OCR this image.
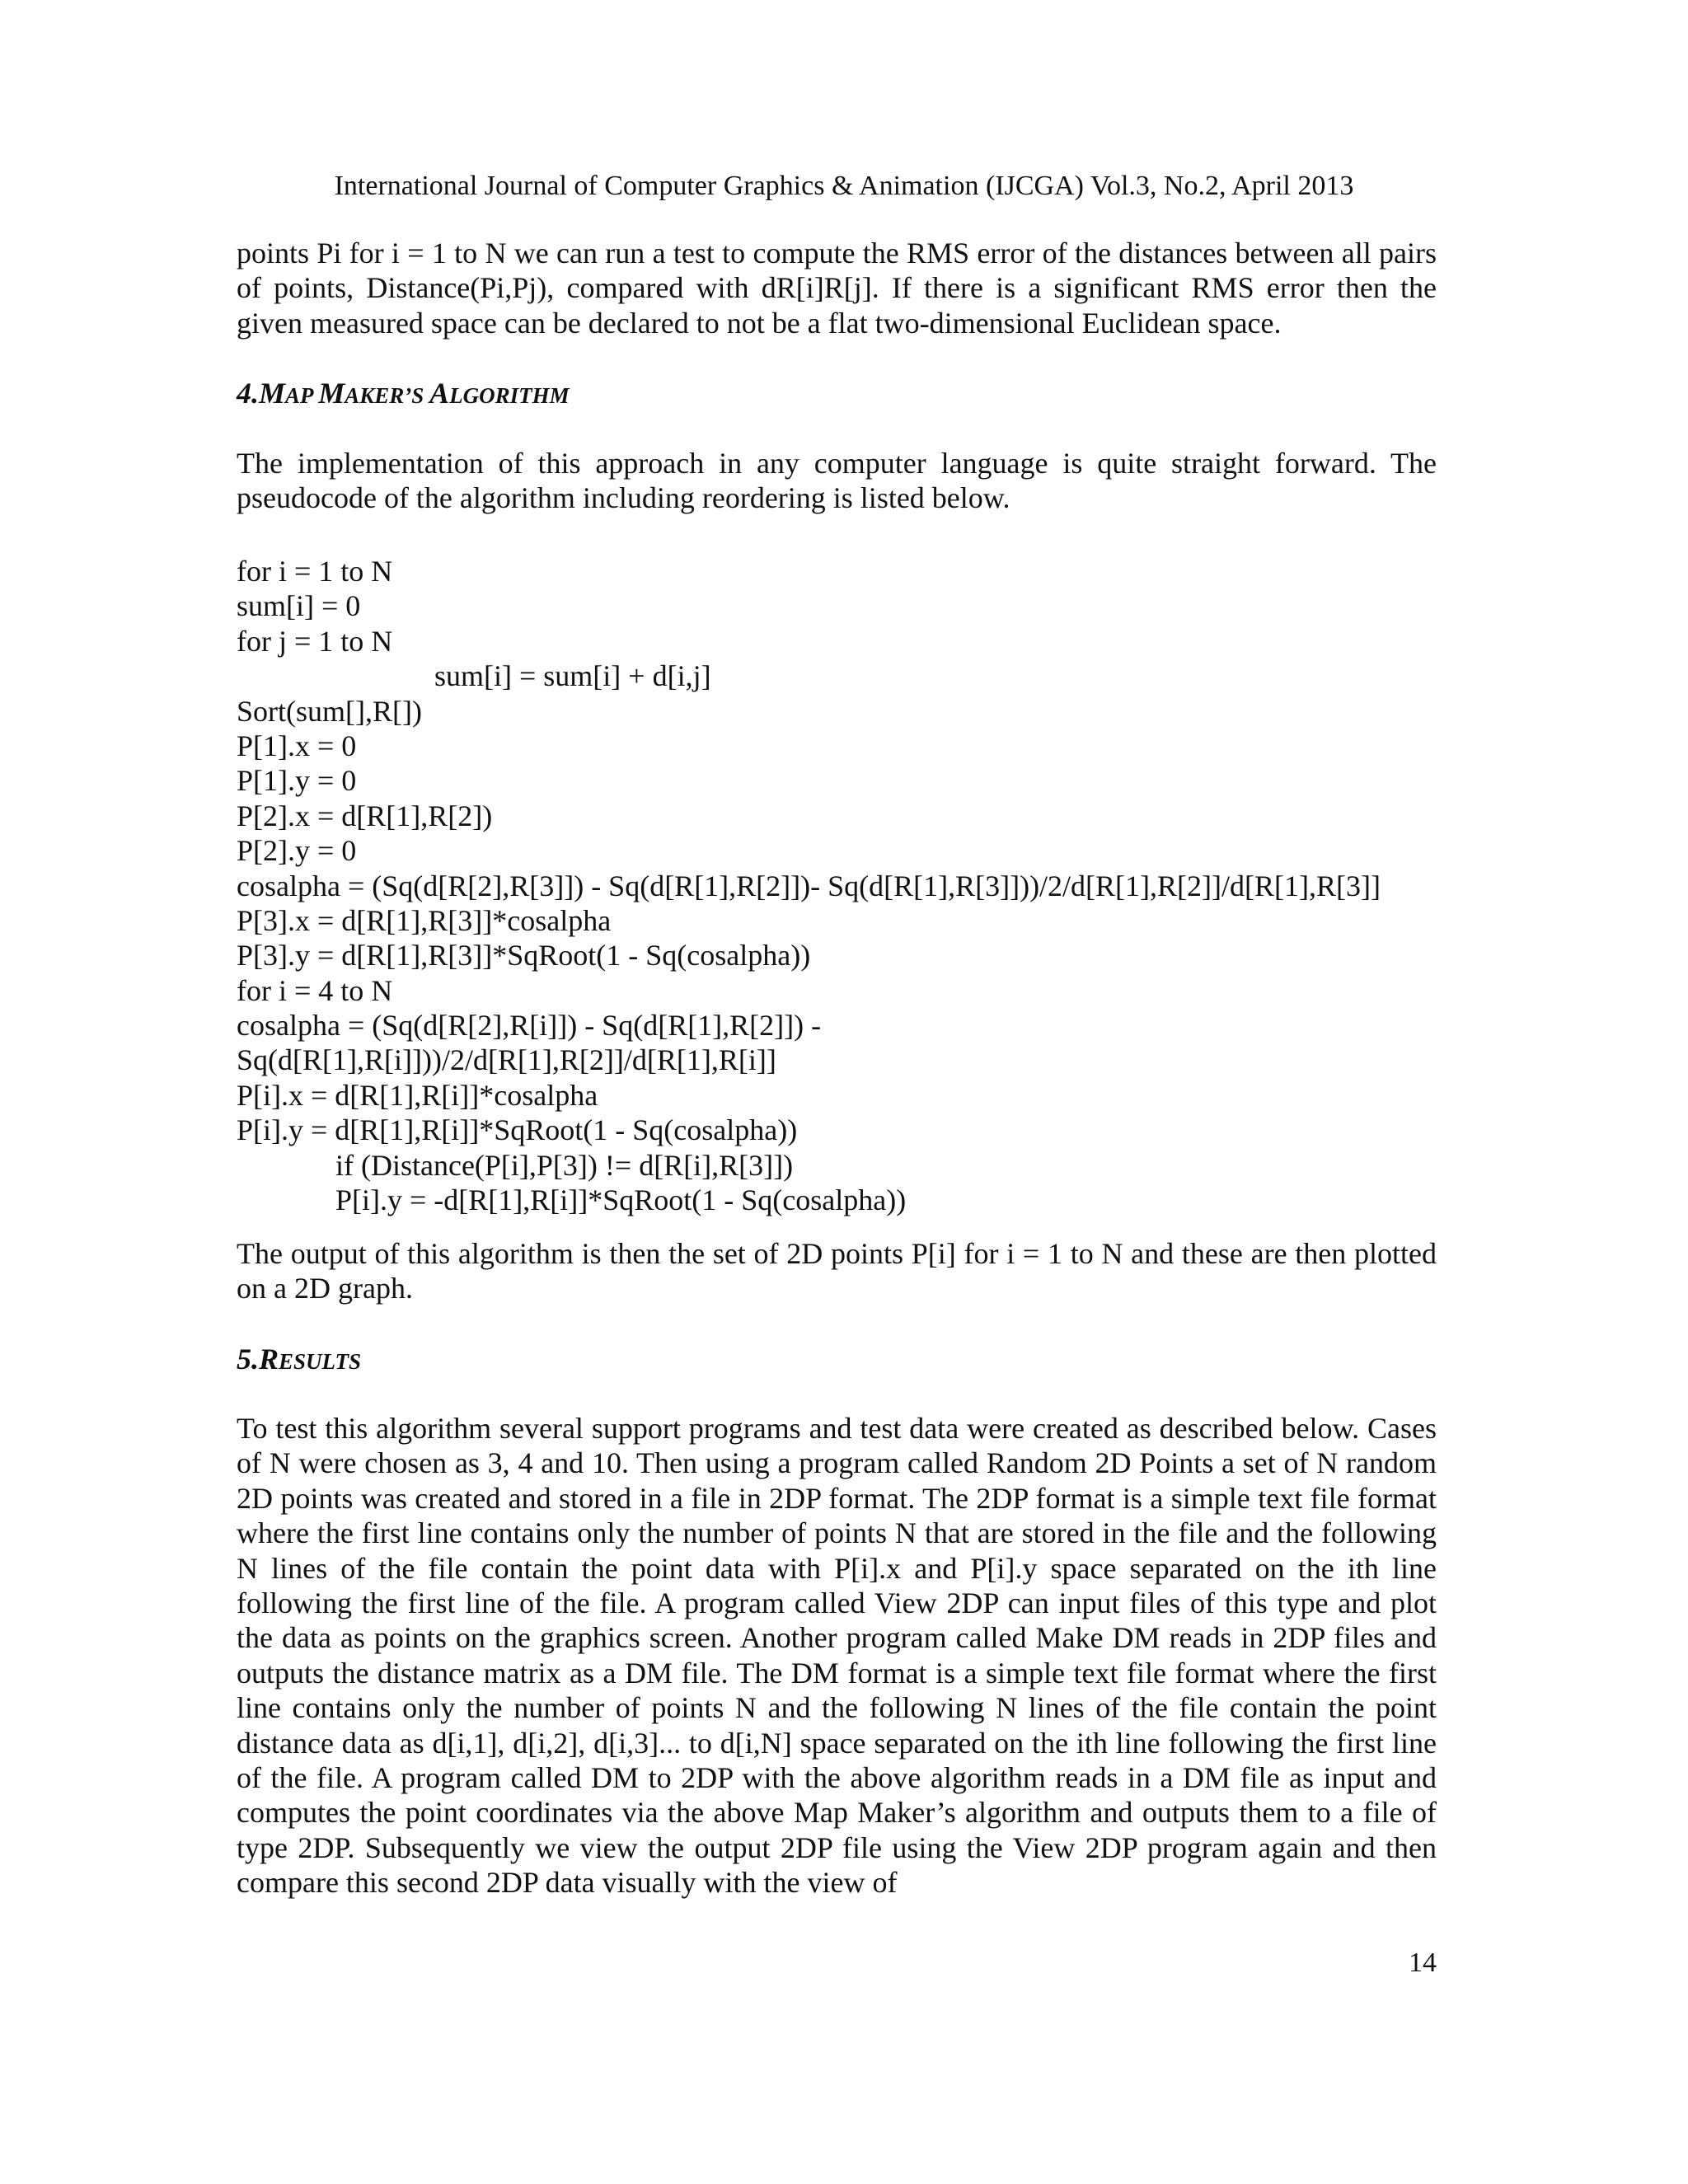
International Journal of Computer Graphics & Animation (IJCGA) Vol.3, No.2, April 2013

points Pi for i = 1 to N we can run a test to compute the RMS error of the distances between all pairs of points, Distance(Pi,Pj), compared with dR[i]R[j]. If there is a significant RMS error then the given measured space can be declared to not be a flat two-dimensional Euclidean space.

4.MAP MAKER’S ALGORITHM

The implementation of this approach in any computer language is quite straight forward. The pseudocode of the algorithm including reordering is listed below.

for i = 1 to N
sum[i] = 0
for j = 1 to N
sum[i] = sum[i] + d[i,j]
Sort(sum[],R[])
P[1].x = 0
P[1].y = 0
P[2].x = d[R[1],R[2])
P[2].y = 0
cosalpha = (Sq(d[R[2],R[3]]) - Sq(d[R[1],R[2]])- Sq(d[R[1],R[3]]))/2/d[R[1],R[2]]/d[R[1],R[3]]
P[3].x = d[R[1],R[3]]*cosalpha
P[3].y = d[R[1],R[3]]*SqRoot(1 - Sq(cosalpha))
for i = 4 to N
cosalpha = (Sq(d[R[2],R[i]]) - Sq(d[R[1],R[2]]) -
Sq(d[R[1],R[i]]))/2/d[R[1],R[2]]/d[R[1],R[i]]
P[i].x = d[R[1],R[i]]*cosalpha
P[i].y = d[R[1],R[i]]*SqRoot(1 - Sq(cosalpha))
if (Distance(P[i],P[3]) != d[R[i],R[3]])
P[i].y = -d[R[1],R[i]]*SqRoot(1 - Sq(cosalpha))

The output of this algorithm is then the set of 2D points P[i] for i = 1 to N and these are then plotted on a 2D graph.

5.RESULTS

To test this algorithm several support programs and test data were created as described below. Cases of N were chosen as 3, 4 and 10. Then using a program called Random 2D Points a set of N random 2D points was created and stored in a file in 2DP format. The 2DP format is a simple text file format where the first line contains only the number of points N that are stored in the file and the following N lines of the file contain the point data with P[i].x and P[i].y space separated on the ith line following the first line of the file. A program called View 2DP can input files of this type and plot the data as points on the graphics screen. Another program called Make DM reads in 2DP files and outputs the distance matrix as a DM file. The DM format is a simple text file format where the first line contains only the number of points N and the following N lines of the file contain the point distance data as d[i,1], d[i,2], d[i,3]... to d[i,N] space separated on the ith line following the first line of the file. A program called DM to 2DP with the above algorithm reads in a DM file as input and computes the point coordinates via the above Map Maker’s algorithm and outputs them to a file of type 2DP. Subsequently we view the output 2DP file using the View 2DP program again and then compare this second 2DP data visually with the view of

14
